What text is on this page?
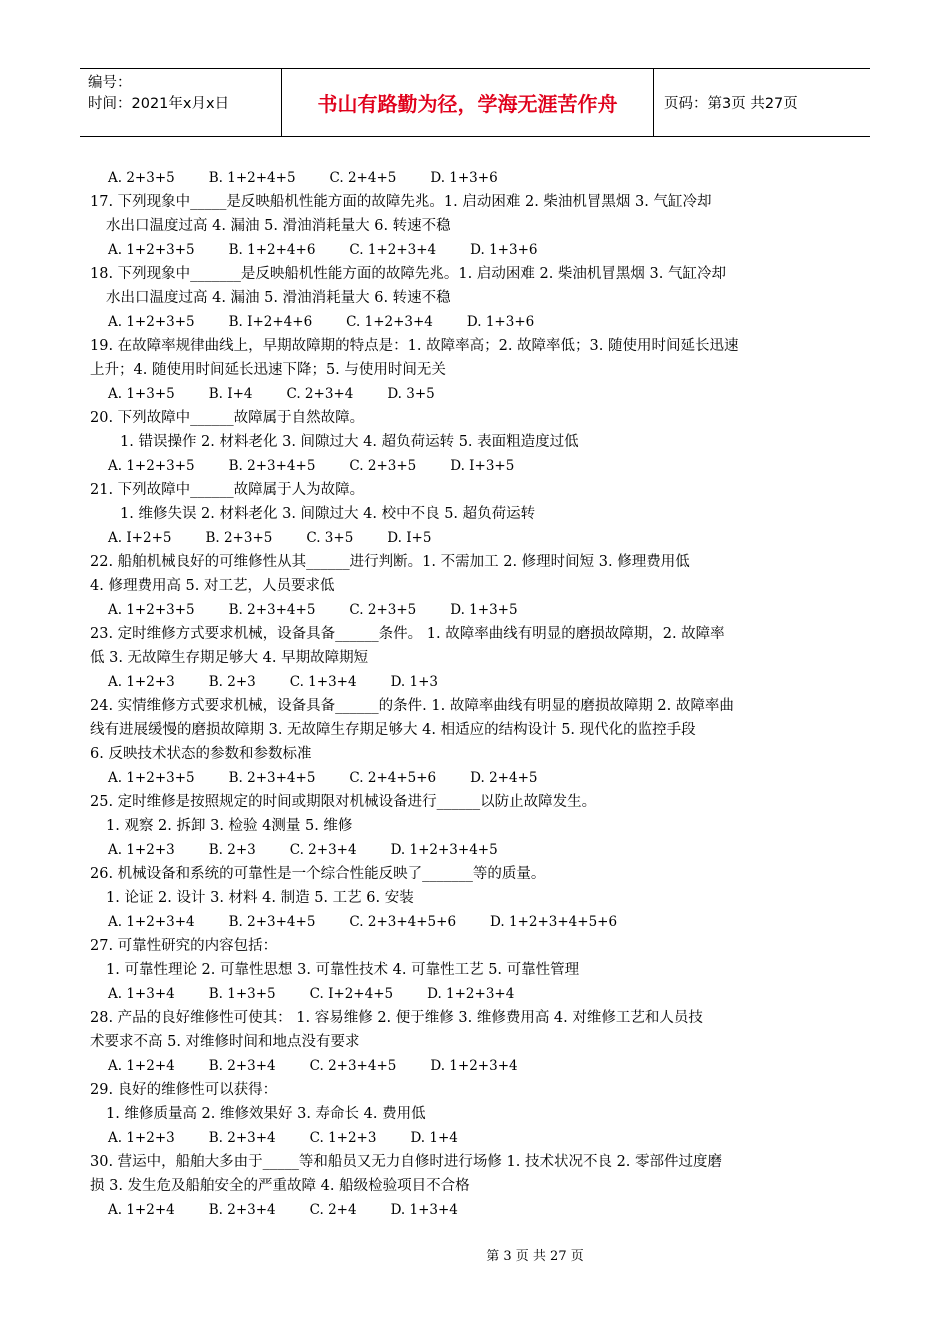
编号：
时间：2021年x月x日	书山有路勤为径，学海无涯苦作舟	页码：第3页 共27页
A. 2+3+5	B. 1+2+4+5	C. 2+4+5	D. 1+3+6
17. 下列现象中_____是反映船机性能方面的故障先兆。1. 启动困难 2. 柴油机冒黑烟 3. 气缸冷却
水出口温度过高 4. 漏油 5. 滑油消耗量大 6. 转速不稳
A. 1+2+3+5	B. 1+2+4+6	C. 1+2+3+4	D. 1+3+6
18. 下列现象中_______是反映船机性能方面的故障先兆。1. 启动困难 2. 柴油机冒黑烟 3. 气缸冷却
水出口温度过高 4. 漏油 5. 滑油消耗量大 6. 转速不稳
A. 1+2+3+5	B. I+2+4+6	C. 1+2+3+4	D. 1+3+6
19. 在故障率规律曲线上，早期故障期的特点是：1. 故障率高；2. 故障率低；3. 随使用时间延长迅速
上升；4. 随使用时间延长迅速下降；5. 与使用时间无关
A. 1+3+5	B. I+4	C. 2+3+4	D. 3+5
20. 下列故障中______故障属于自然故障。
1. 错误操作 2. 材料老化 3. 间隙过大 4. 超负荷运转 5. 表面粗造度过低
A. 1+2+3+5	B. 2+3+4+5	C. 2+3+5	D. I+3+5
21. 下列故障中______故障属于人为故障。
1. 维修失误 2. 材料老化 3. 间隙过大 4. 校中不良 5. 超负荷运转
A. I+2+5	B. 2+3+5	C. 3+5	D. I+5
22. 船舶机械良好的可维修性从其______进行判断。1. 不需加工 2. 修理时间短 3. 修理费用低
4. 修理费用高 5. 对工艺，人员要求低
A. 1+2+3+5	B. 2+3+4+5	C. 2+3+5	D. 1+3+5
23. 定时维修方式要求机械，设备具备______条件。 1. 故障率曲线有明显的磨损故障期，2. 故障率
低 3. 无故障生存期足够大 4. 早期故障期短
A. 1+2+3	B. 2+3	C. 1+3+4	D. 1+3
24. 实情维修方式要求机械，设备具备______的条件. 1. 故障率曲线有明显的磨损故障期 2. 故障率曲
线有进展缓慢的磨损故障期 3. 无故障生存期足够大 4. 相适应的结构设计 5. 现代化的监控手段
6. 反映技术状态的参数和参数标准
A. 1+2+3+5	B. 2+3+4+5	C. 2+4+5+6	D. 2+4+5
25. 定时维修是按照规定的时间或期限对机械设备进行______以防止故障发生。
1. 观察 2. 拆卸 3. 检验 4测量 5. 维修
A. 1+2+3	B. 2+3	C. 2+3+4	D. 1+2+3+4+5
26. 机械设备和系统的可靠性是一个综合性能反映了_______等的质量。
1. 论证 2. 设计 3. 材料 4. 制造 5. 工艺 6. 安装
A. 1+2+3+4	B. 2+3+4+5	C. 2+3+4+5+6	D. 1+2+3+4+5+6
27. 可靠性研究的内容包括：
1. 可靠性理论 2. 可靠性思想 3. 可靠性技术 4. 可靠性工艺 5. 可靠性管理
A. 1+3+4	B. 1+3+5	C. I+2+4+5	D. 1+2+3+4
28. 产品的良好维修性可使其： 1. 容易维修 2. 便于维修 3. 维修费用高 4. 对维修工艺和人员技
术要求不高 5. 对维修时间和地点没有要求
A. 1+2+4	B. 2+3+4	C. 2+3+4+5	D. 1+2+3+4
29. 良好的维修性可以获得：
1. 维修质量高 2. 维修效果好 3. 寿命长 4. 费用低
A. 1+2+3	B. 2+3+4	C. 1+2+3	D. 1+4
30. 营运中，船舶大多由于_____等和船员又无力自修时进行场修 1. 技术状况不良 2. 零部件过度磨
损 3. 发生危及船舶安全的严重故障 4. 船级检验项目不合格
A. 1+2+4	B. 2+3+4	C. 2+4	D. 1+3+4
第 3 页 共 27 页
